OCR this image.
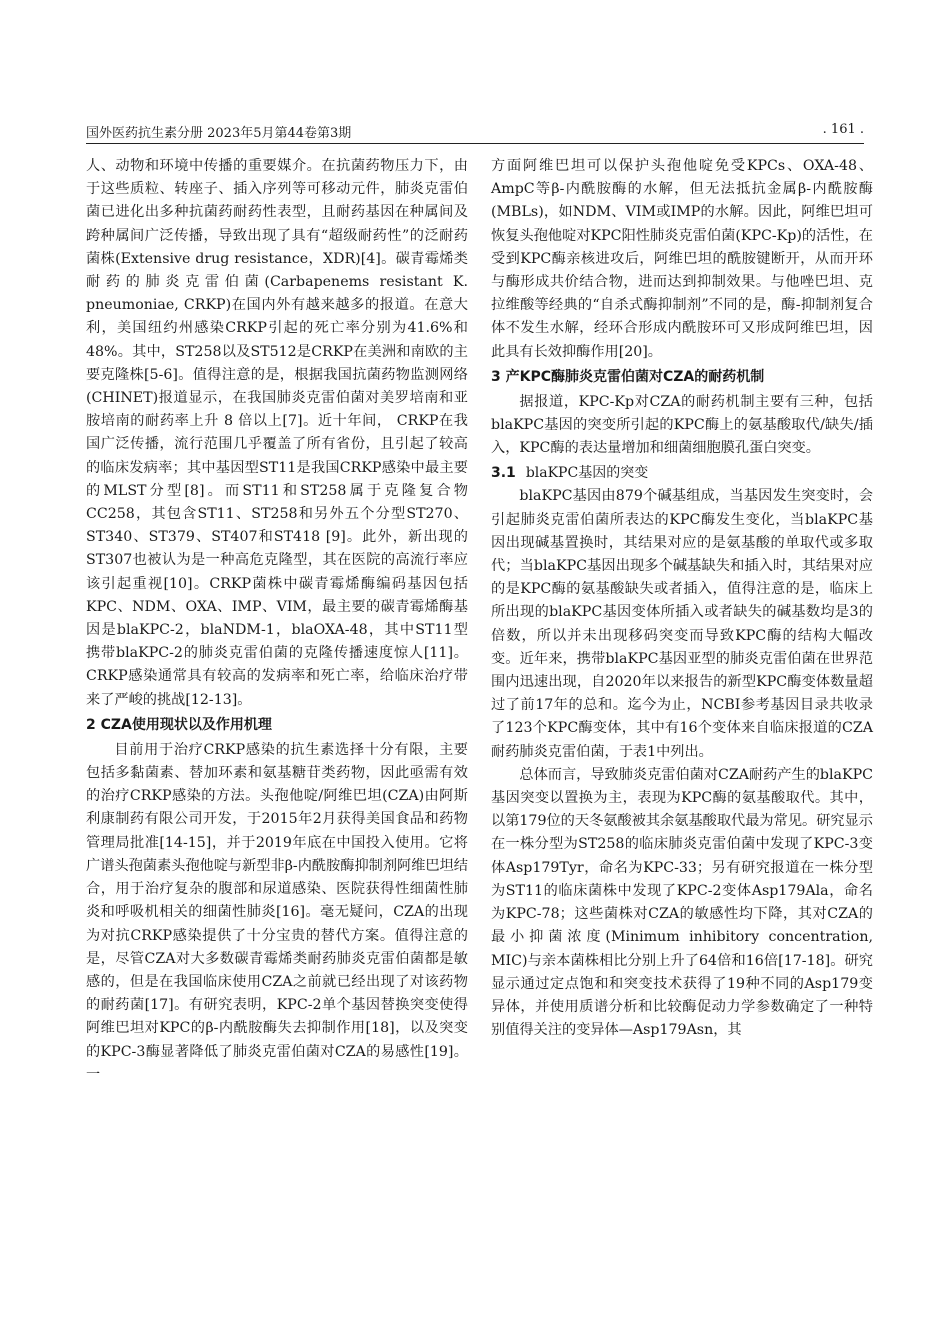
国外医药抗生素分册 2023年5月第44卷第3期	. 161 .

人、动物和环境中传播的重要媒介。在抗菌药物压力下，由于这些质粒、转座子、插入序列等可移动元件，肺炎克雷伯菌已进化出多种抗菌药耐药性表型，且耐药基因在种属间及跨种属间广泛传播，导致出现了具有“超级耐药性”的泛耐药菌株(Extensive drug resistance，XDR)[4]。碳青霉烯类耐药的肺炎克雷伯菌(Carbapenems resistant K. pneumoniae, CRKP)在国内外有越来越多的报道。在意大利，美国纽约州感染CRKP引起的死亡率分别为41.6%和48%。其中，ST258以及ST512是CRKP在美洲和南欧的主要克隆株[5-6]。值得注意的是，根据我国抗菌药物监测网络(CHINET)报道显示，在我国肺炎克雷伯菌对美罗培南和亚胺培南的耐药率上升 8 倍以上[7]。近十年间， CRKP在我国广泛传播，流行范围几乎覆盖了所有省份，且引起了较高的临床发病率；其中基因型ST11是我国CRKP感染中最主要的MLST分型[8]。而ST11和ST258属于克隆复合物CC258，其包含ST11、ST258和另外五个分型ST270、ST340、ST379、ST407和ST418 [9]。此外，新出现的ST307也被认为是一种高危克隆型，其在医院的高流行率应该引起重视[10]。CRKP菌株中碳青霉烯酶编码基因包括KPC、NDM、OXA、IMP、VIM，最主要的碳青霉烯酶基因是blaKPC-2，blaNDM-1，blaOXA-48，其中ST11型携带blaKPC-2的肺炎克雷伯菌的克隆传播速度惊人[11]。CRKP感染通常具有较高的发病率和死亡率，给临床治疗带来了严峻的挑战[12-13]。

2 CZA使用现状以及作用机理

目前用于治疗CRKP感染的抗生素选择十分有限，主要包括多黏菌素、替加环素和氨基糖苷类药物，因此亟需有效的治疗CRKP感染的方法。头孢他啶/阿维巴坦(CZA)由阿斯利康制药有限公司开发，于2015年2月获得美国食品和药物管理局批准[14-15]，并于2019年底在中国投入使用。它将广谱头孢菌素头孢他啶与新型非β-内酰胺酶抑制剂阿维巴坦结合，用于治疗复杂的腹部和尿道感染、医院获得性细菌性肺炎和呼吸机相关的细菌性肺炎[16]。毫无疑问，CZA的出现为对抗CRKP感染提供了十分宝贵的替代方案。值得注意的是，尽管CZA对大多数碳青霉烯类耐药肺炎克雷伯菌都是敏感的，但是在我国临床使用CZA之前就已经出现了对该药物的耐药菌[17]。有研究表明，KPC-2单个基因替换突变使得阿维巴坦对KPC的β-内酰胺酶失去抑制作用[18]，以及突变的KPC-3酶显著降低了肺炎克雷伯菌对CZA的易感性[19]。一

方面阿维巴坦可以保护头孢他啶免受KPCs、OXA-48、AmpC等β-内酰胺酶的水解，但无法抵抗金属β-内酰胺酶(MBLs)，如NDM、VIM或IMP的水解。因此，阿维巴坦可恢复头孢他啶对KPC阳性肺炎克雷伯菌(KPC-Kp)的活性，在受到KPC酶亲核进攻后，阿维巴坦的酰胺键断开，从而开环与酶形成共价结合物，进而达到抑制效果。与他唑巴坦、克拉维酸等经典的“自杀式酶抑制剂”不同的是，酶-抑制剂复合体不发生水解，经环合形成内酰胺环可又形成阿维巴坦，因此具有长效抑酶作用[20]。

3 产KPC酶肺炎克雷伯菌对CZA的耐药机制

据报道，KPC-Kp对CZA的耐药机制主要有三种，包括blaKPC基因的突变所引起的KPC酶上的氨基酸取代/缺失/插入，KPC酶的表达量增加和细菌细胞膜孔蛋白突变。

3.1 blaKPC基因的突变

blaKPC基因由879个碱基组成，当基因发生突变时，会引起肺炎克雷伯菌所表达的KPC酶发生变化，当blaKPC基因出现碱基置换时，其结果对应的是氨基酸的单取代或多取代；当blaKPC基因出现多个碱基缺失和插入时，其结果对应的是KPC酶的氨基酸缺失或者插入，值得注意的是，临床上所出现的blaKPC基因变体所插入或者缺失的碱基数均是3的倍数，所以并未出现移码突变而导致KPC酶的结构大幅改变。近年来，携带blaKPC基因亚型的肺炎克雷伯菌在世界范围内迅速出现，自2020年以来报告的新型KPC酶变体数量超过了前17年的总和。迄今为止，NCBI参考基因目录共收录了123个KPC酶变体，其中有16个变体来自临床报道的CZA耐药肺炎克雷伯菌，于表1中列出。

总体而言，导致肺炎克雷伯菌对CZA耐药产生的blaKPC基因突变以置换为主，表现为KPC酶的氨基酸取代。其中，以第179位的天冬氨酸被其余氨基酸取代最为常见。研究显示在一株分型为ST258的临床肺炎克雷伯菌中发现了KPC-3变体Asp179Tyr，命名为KPC-33；另有研究报道在一株分型为ST11的临床菌株中发现了KPC-2变体Asp179Ala，命名为KPC-78；这些菌株对CZA的敏感性均下降，其对CZA的最小抑菌浓度(Minimum inhibitory concentration, MIC)与亲本菌株相比分别上升了64倍和16倍[17-18]。研究显示通过定点饱和和突变技术获得了19种不同的Asp179变异体，并使用质谱分析和比较酶促动力学参数确定了一种特别值得关注的变异体—Asp179Asn，其
